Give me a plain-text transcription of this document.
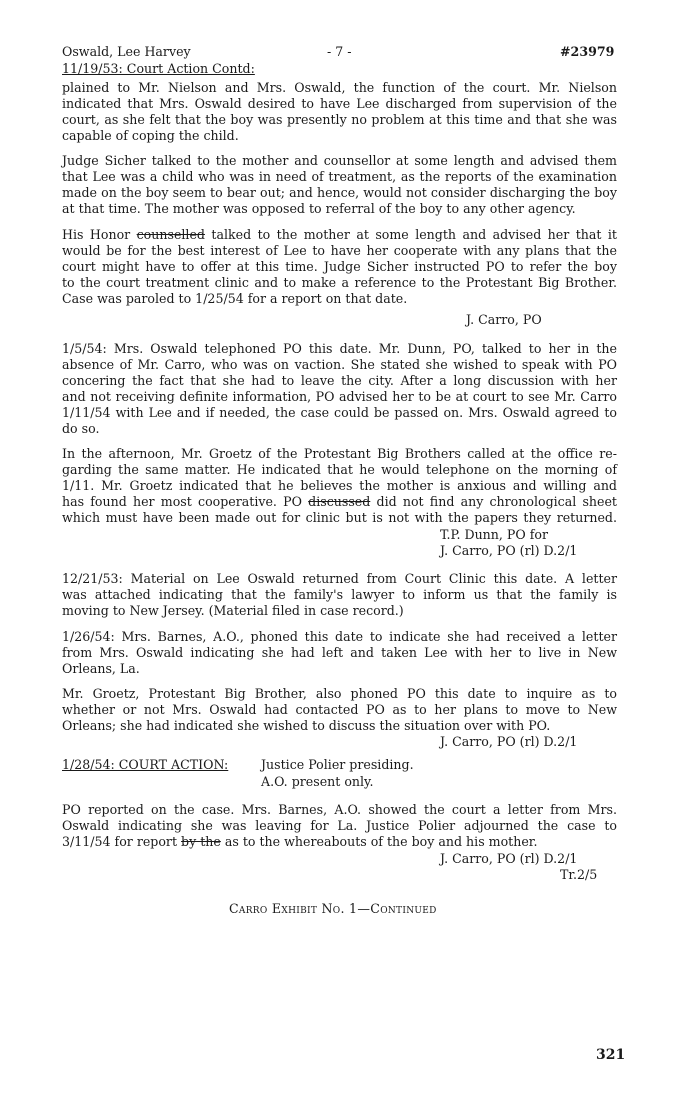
Oswald, Lee Harvey	- 7 -	#23979
11/19/53: Court Action Contd:
plained to Mr. Nielson and Mrs. Oswald, the function of the court. Mr. Nielson
indicated that Mrs. Oswald desired to have Lee discharged from supervision of the
court, as she felt that the boy was presently no problem at this time and that she was
capable of coping the child.
Judge Sicher talked to the mother and counsellor at some length and advised them
that Lee was a child who was in need of treatment, as the reports of the examination
made on the boy seem to bear out; and hence, would not consider discharging the boy
at that time. The mother was opposed to referral of the boy to any other agency.
His Honor counselled talked to the mother at some length and advised her that it
would be for the best interest of Lee to have her cooperate with any plans that the
court might have to offer at this time. Judge Sicher instructed PO to refer the boy
to the court treatment clinic and to make a reference to the Protestant Big Brother.
Case was paroled to 1/25/54 for a report on that date.
J. Carro, PO
1/5/54: Mrs. Oswald telephoned PO this date. Mr. Dunn, PO, talked to her in the
absence of Mr. Carro, who was on vaction. She stated she wished to speak with PO
concering the fact that she had to leave the city. After a long discussion with her
and not receiving definite information, PO advised her to be at court to see Mr. Carro
1/11/54 with Lee and if needed, the case could be passed on. Mrs. Oswald agreed to
do so.
In the afternoon, Mr. Groetz of the Protestant Big Brothers called at the office re-
garding the same matter. He indicated that he would telephone on the morning of
1/11. Mr. Groetz indicated that he believes the mother is anxious and willing and
has found her most cooperative. PO discussed did not find any chronological sheet
which must have been made out for clinic but is not with the papers they returned.
T.P. Dunn, PO for
J. Carro, PO (rl) D.2/1
12/21/53: Material on Lee Oswald returned from Court Clinic this date. A letter
was attached indicating that the family's lawyer to inform us that the family is
moving to New Jersey. (Material filed in case record.)
1/26/54: Mrs. Barnes, A.O., phoned this date to indicate she had received a letter
from Mrs. Oswald indicating she had left and taken Lee with her to live in New
Orleans, La.
Mr. Groetz, Protestant Big Brother, also phoned PO this date to inquire as to
whether or not Mrs. Oswald had contacted PO as to her plans to move to New
Orleans; she had indicated she wished to discuss the situation over with PO.
J. Carro, PO (rl) D.2/1
1/28/54: COURT ACTION:	Justice Polier presiding.
A.O. present only.
PO reported on the case. Mrs. Barnes, A.O. showed the court a letter from Mrs.
Oswald indicating she was leaving for La. Justice Polier adjourned the case to
3/11/54 for report by the as to the whereabouts of the boy and his mother.
J. Carro, PO (rl) D.2/1
Tr.2/5
Carro Exhibit No. 1—Continued
321
